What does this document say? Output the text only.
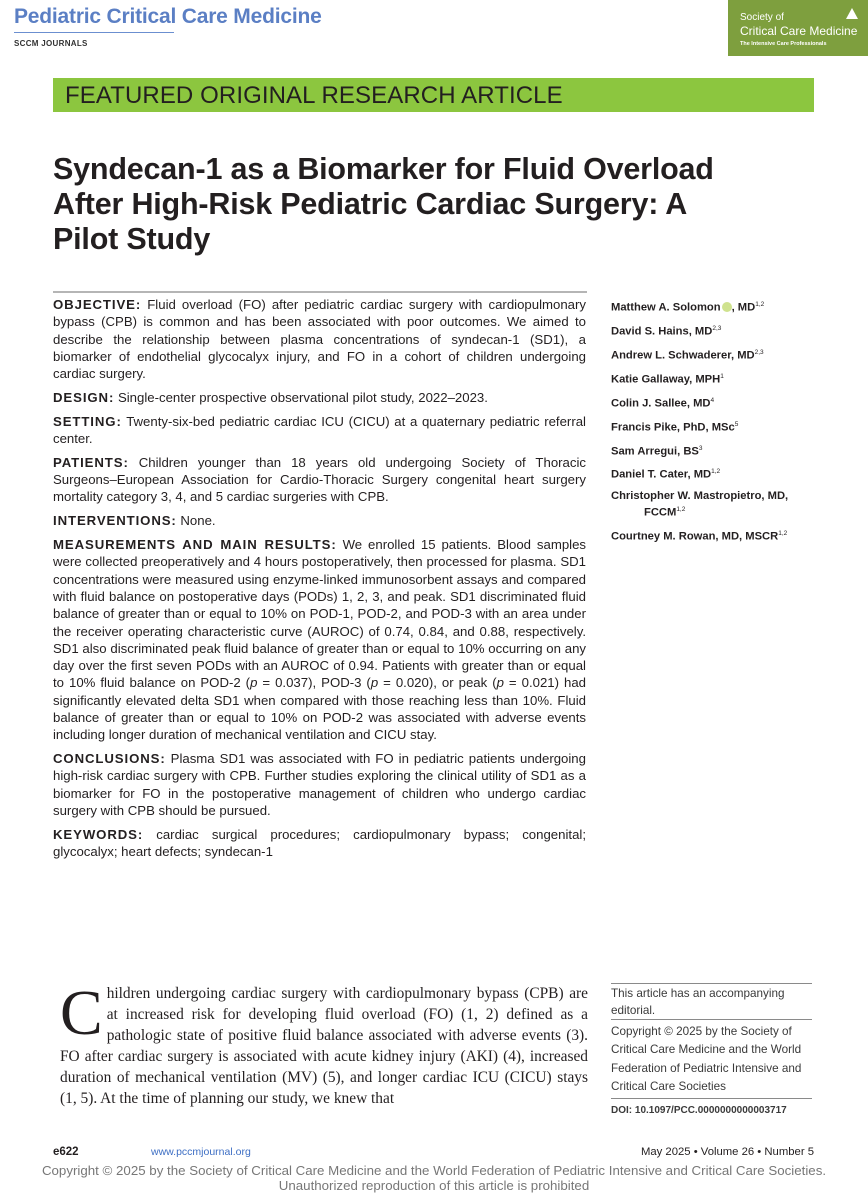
Pediatric Critical Care Medicine
SCCM JOURNALS
Society of
Critical Care Medicine
The Intensive Care Professionals
FEATURED ORIGINAL RESEARCH ARTICLE
Syndecan-1 as a Biomarker for Fluid Overload After High-Risk Pediatric Cardiac Surgery: A Pilot Study

OBJECTIVE: Fluid overload (FO) after pediatric cardiac surgery with cardiopulmonary bypass (CPB) is common and has been associated with poor outcomes. We aimed to describe the relationship between plasma concentrations of syndecan-1 (SD1), a biomarker of endothelial glycocalyx injury, and FO in a cohort of children undergoing cardiac surgery.

DESIGN: Single-center prospective observational pilot study, 2022–2023.

SETTING: Twenty-six-bed pediatric cardiac ICU (CICU) at a quaternary pediatric referral center.

PATIENTS: Children younger than 18 years old undergoing Society of Thoracic Surgeons–European Association for Cardio-Thoracic Surgery congenital heart surgery mortality category 3, 4, and 5 cardiac surgeries with CPB.

INTERVENTIONS: None.

MEASUREMENTS AND MAIN RESULTS: We enrolled 15 patients. Blood samples were collected preoperatively and 4 hours postoperatively, then processed for plasma. SD1 concentrations were measured using enzyme-linked immunosorbent assays and compared with fluid balance on postoperative days (PODs) 1, 2, 3, and peak. SD1 discriminated fluid balance of greater than or equal to 10% on POD-1, POD-2, and POD-3 with an area under the receiver operating characteristic curve (AUROC) of 0.74, 0.84, and 0.88, respectively. SD1 also discriminated peak fluid balance of greater than or equal to 10% occurring on any day over the first seven PODs with an AUROC of 0.94. Patients with greater than or equal to 10% fluid balance on POD-2 (p = 0.037), POD-3 (p = 0.020), or peak (p = 0.021) had significantly elevated delta SD1 when compared with those reaching less than 10%. Fluid balance of greater than or equal to 10% on POD-2 was associated with adverse events including longer duration of mechanical ventilation and CICU stay.

CONCLUSIONS: Plasma SD1 was associated with FO in pediatric patients undergoing high-risk cardiac surgery with CPB. Further studies exploring the clinical utility of SD1 as a biomarker for FO in the postoperative management of children who undergo cardiac surgery with CPB should be pursued.

KEYWORDS: cardiac surgical procedures; cardiopulmonary bypass; congenital; glycocalyx; heart defects; syndecan-1

Matthew A. Solomon , MD$^{1,2}$
David S. Hains, MD$^{2,3}$
Andrew L. Schwaderer, MD$^{2,3}$
Katie Gallaway, MPH$^1$
Colin J. Sallee, $MD^4$
Francis Pike, PhD, MSc$^5$
Sam Arregui, $BS^3$
Daniel T. Cater, MD$^{1,2}$
Christopher W. Mastropietro, MD,
FCCM$^{1,2}$
Courtney M. Rowan, MD, MSCR$^{1,2}$
Children undergoing cardiac surgery with cardiopulmonary bypass (CPB) are at increased risk for developing fluid overload (FO) (1, 2) defined as a pathologic state of positive fluid balance associated with adverse events (3). FO after cardiac surgery is associated with acute kidney injury (AKI) (4), increased duration of mechanical ventilation (MV) (5), and longer cardiac ICU (CICU) stays (1, 5). At the time of planning our study, we knew that
This article has an accompanying editorial.
Copyright © 2025 by the Society of Critical Care Medicine and the World Federation of Pediatric Intensive and Critical Care Societies
DOI: 10.1097/PCC.0000000000003717
e622	www.pccmjournal.org	May 2025 • Volume 26 • Number 5
Copyright © 2025 by the Society of Critical Care Medicine and the World Federation of Pediatric Intensive and Critical Care Societies.
Unauthorized reproduction of this article is prohibited
